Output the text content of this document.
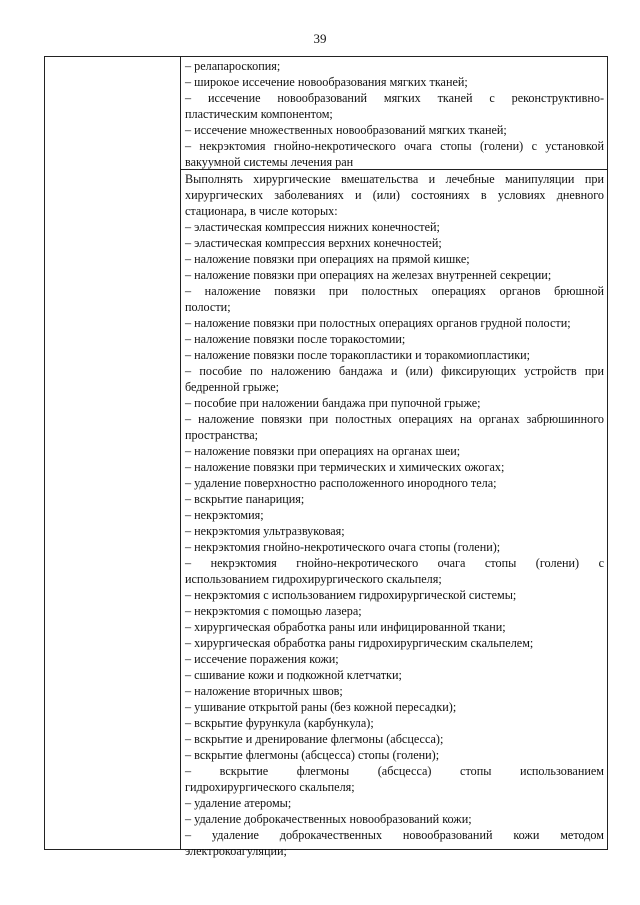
39
– релапароскопия;
– широкое иссечение новообразования мягких тканей;
– иссечение новообразований мягких тканей с реконструктивно-
пластическим компонентом;
– иссечение множественных новообразований мягких тканей;
– некрэктомия гнойно-некротического очага стопы (голени) с установкой
вакуумной системы лечения ран
Выполнять хирургические вмешательства и лечебные манипуляции при
хирургических заболеваниях и (или) состояниях в условиях дневного
стационара, в числе которых:
– эластическая компрессия нижних конечностей;
– эластическая компрессия верхних конечностей;
– наложение повязки при операциях на прямой кишке;
– наложение повязки при операциях на железах внутренней секреции;
– наложение повязки при полостных операциях органов брюшной
полости;
– наложение повязки при полостных операциях органов грудной полости;
– наложение повязки после торакостомии;
– наложение повязки после торакопластики и торакомиопластики;
– пособие по наложению бандажа и (или) фиксирующих устройств при
бедренной грыже;
– пособие при наложении бандажа при пупочной грыже;
– наложение повязки при полостных операциях на органах забрюшинного
пространства;
– наложение повязки при операциях на органах шеи;
– наложение повязки при термических и химических ожогах;
– удаление поверхностно расположенного инородного тела;
– вскрытие панариция;
– некрэктомия;
– некрэктомия ультразвуковая;
– некрэктомия гнойно-некротического очага стопы (голени);
– некрэктомия гнойно-некротического очага стопы (голени) с
использованием гидрохирургического скальпеля;
– некрэктомия с использованием гидрохирургической системы;
– некрэктомия с помощью лазера;
– хирургическая обработка раны или инфицированной ткани;
– хирургическая обработка раны гидрохирургическим скальпелем;
– иссечение поражения кожи;
– сшивание кожи и подкожной клетчатки;
– наложение вторичных швов;
– ушивание открытой раны (без кожной пересадки);
– вскрытие фурункула (карбункула);
– вскрытие и дренирование флегмоны (абсцесса);
– вскрытие флегмоны (абсцесса) стопы (голени);
– вскрытие флегмоны (абсцесса) стопы использованием
гидрохирургического скальпеля;
– удаление атеромы;
– удаление доброкачественных новообразований кожи;
– удаление доброкачественных новообразований кожи методом
электрокоагуляции;
